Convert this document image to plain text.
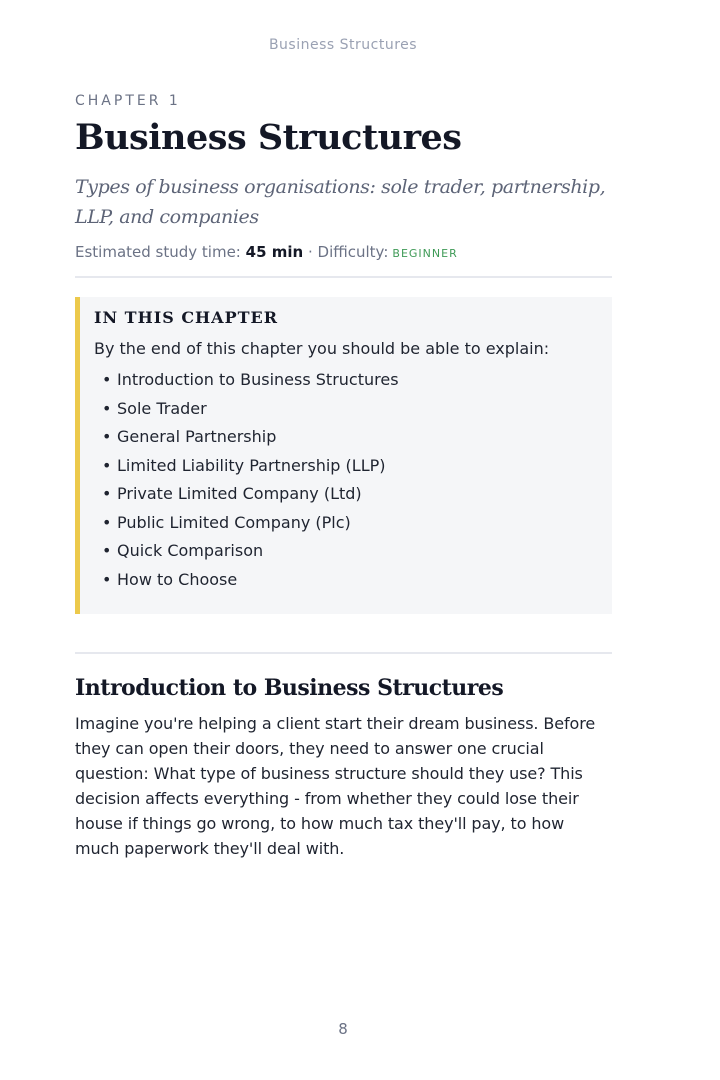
Business Structures

CHAPTER 1

Business Structures

Types of business organisations: sole trader, partnership, LLP, and companies

Estimated study time: 45 min · Difficulty: BEGINNER

IN THIS CHAPTER

By the end of this chapter you should be able to explain:
• Introduction to Business Structures
• Sole Trader
• General Partnership
• Limited Liability Partnership (LLP)
• Private Limited Company (Ltd)
• Public Limited Company (Plc)
• Quick Comparison
• How to Choose
Introduction to Business Structures

Imagine you're helping a client start their dream business. Before they can open their doors, they need to answer one crucial question: What type of business structure should they use? This decision affects everything - from whether they could lose their house if things go wrong, to how much tax they'll pay, to how much paperwork they'll deal with.

8
